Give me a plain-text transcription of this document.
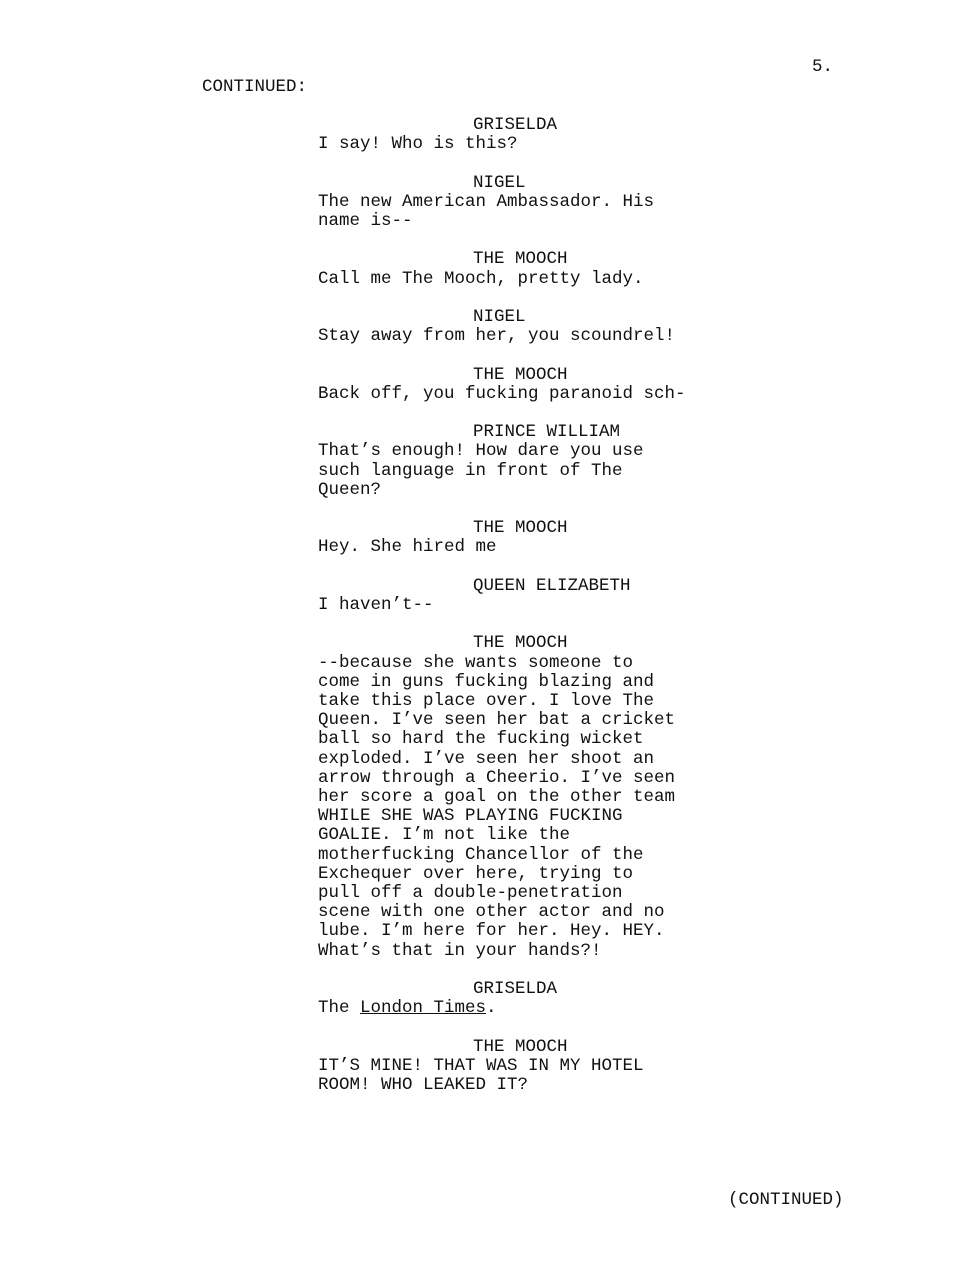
5.
CONTINUED:
GRISELDA
I say! Who is this?
NIGEL
The new American Ambassador. His
name is--
THE MOOCH
Call me The Mooch, pretty lady.
NIGEL
Stay away from her, you scoundrel!
THE MOOCH
Back off, you fucking paranoid sch-
PRINCE WILLIAM
That’s enough! How dare you use
such language in front of The
Queen?
THE MOOCH
Hey. She hired me
QUEEN ELIZABETH
I haven’t--
THE MOOCH
--because she wants someone to
come in guns fucking blazing and
take this place over. I love The
Queen. I’ve seen her bat a cricket
ball so hard the fucking wicket
exploded. I’ve seen her shoot an
arrow through a Cheerio. I’ve seen
her score a goal on the other team
WHILE SHE WAS PLAYING FUCKING
GOALIE. I’m not like the
motherfucking Chancellor of the
Exchequer over here, trying to
pull off a double-penetration
scene with one other actor and no
lube. I’m here for her. Hey. HEY.
What’s that in your hands?!
GRISELDA
The London Times.
THE MOOCH
IT’S MINE! THAT WAS IN MY HOTEL
ROOM! WHO LEAKED IT?
(CONTINUED)
